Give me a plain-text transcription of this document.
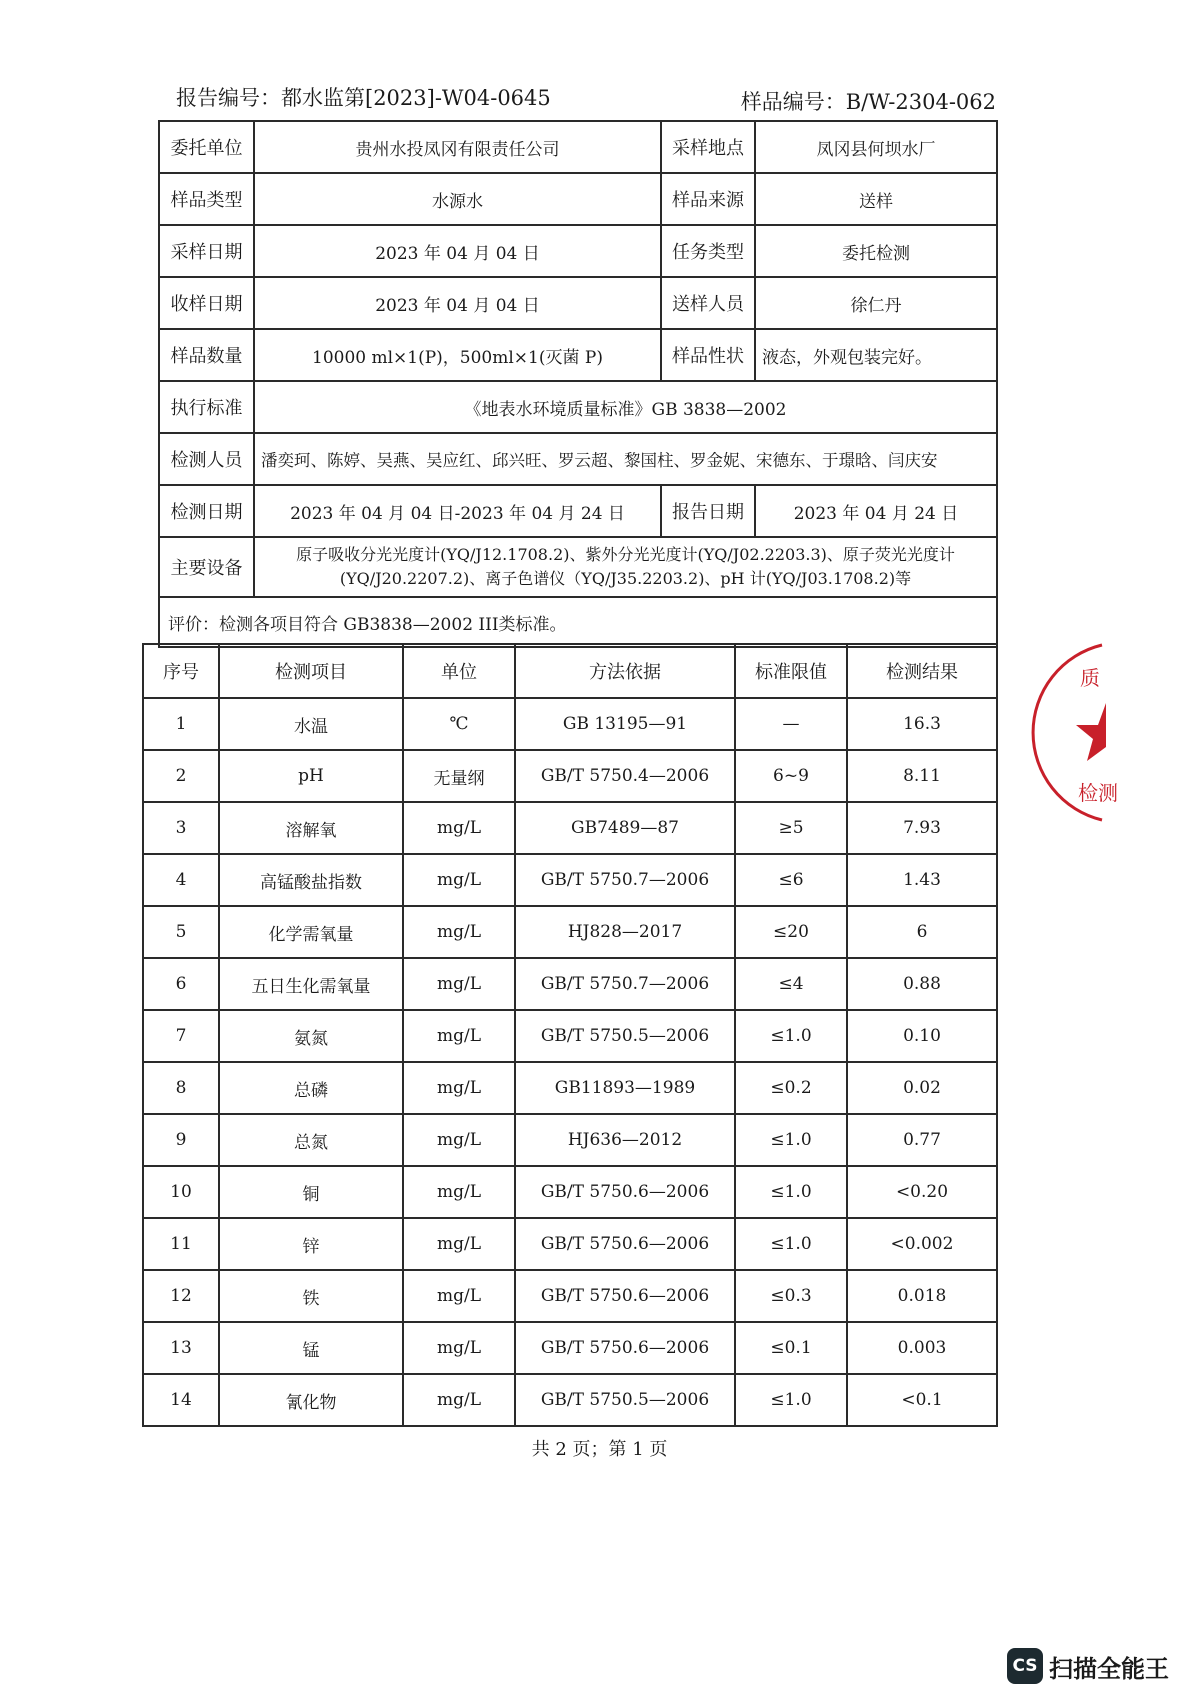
报告编号：都水监第[2023]-W04-0645	样品编号：B/W-2304-062
委托单位	贵州水投凤冈有限责任公司	采样地点	凤冈县何坝水厂
样品类型	水源水	样品来源	送样
采样日期	2023 年 04 月 04 日	任务类型	委托检测
收样日期	2023 年 04 月 04 日	送样人员	徐仁丹
样品数量	10000 ml×1(P)，500ml×1(灭菌 P)	样品性状	液态，外观包装完好。
执行标准	《地表水环境质量标准》GB 3838—2002		
检测人员	潘奕珂、陈婷、吴燕、吴应红、邱兴旺、罗云超、黎国柱、罗金妮、宋德东、于璟晗、闫庆安		
检测日期	2023 年 04 月 04 日-2023 年 04 月 24 日	报告日期	2023 年 04 月 24 日
主要设备	原子吸收分光光度计(YQ/J12.1708.2)、紫外分光光度计(YQ/J02.2203.3)、原子荧光光度计
(YQ/J20.2207.2)、离子色谱仪（YQ/J35.2203.2)、pH 计(YQ/J03.1708.2)等		

评价：检测各项目符合 GB3838—2002 III类标准。			
序号	检测项目	单位	方法依据	标准限值	检测结果
1	水温	℃	GB 13195—91	—	16.3
2	pH	无量纲	GB/T 5750.4—2006	6~9	8.11
3	溶解氧	mg/L	GB7489—87	≥5	7.93
4	高锰酸盐指数	mg/L	GB/T 5750.7—2006	≤6	1.43
5	化学需氧量	mg/L	HJ828—2017	≤20	6
6	五日生化需氧量	mg/L	GB/T 5750.7—2006	≤4	0.88
7	氨氮	mg/L	GB/T 5750.5—2006	≤1.0	0.10
8	总磷	mg/L	GB11893—1989	≤0.2	0.02
9	总氮	mg/L	HJ636—2012	≤1.0	0.77
10	铜	mg/L	GB/T 5750.6—2006	≤1.0	<0.20
11	锌	mg/L	GB/T 5750.6—2006	≤1.0	<0.002
12	铁	mg/L	GB/T 5750.6—2006	≤0.3	0.018
13	锰	mg/L	GB/T 5750.6—2006	≤0.1	0.003
14	氰化物	mg/L	GB/T 5750.5—2006	≤1.0	<0.1
共 2 页；第 1 页
质
检测
CS 扫描全能王
